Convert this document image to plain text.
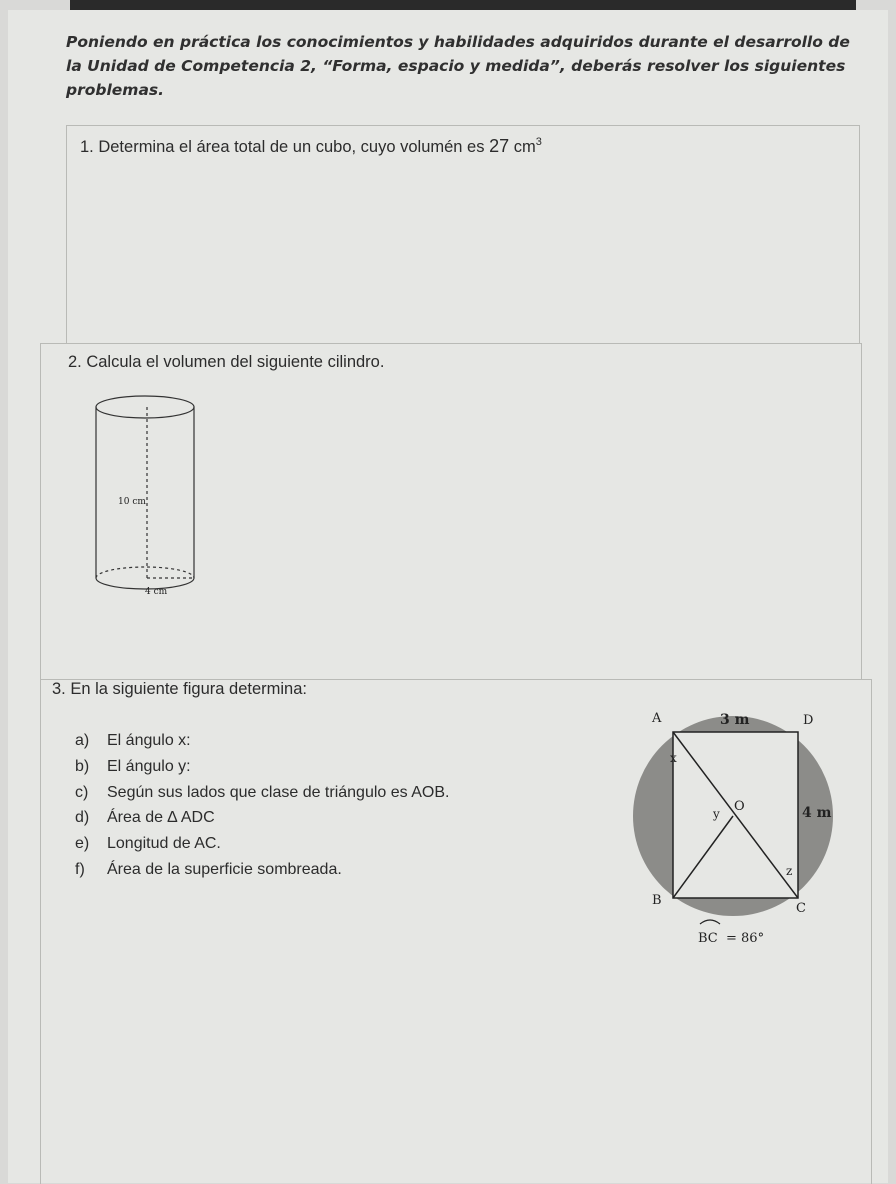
Poniendo en práctica los conocimientos y habilidades adquiridos durante el desarrollo de la Unidad de Competencia 2, “Forma, espacio y medida”, deberás resolver los siguientes problemas.
1. Determina el área total de un cubo, cuyo volumén es 27 $cm^3$
2. Calcula el volumen del siguiente cilindro.
10 cm
4 cm
3. En la siguiente figura determina:
a) El ángulo x:
b) El ángulo y:
c) Según sus lados que clase de triángulo es AOB.
d) Área de ∆ ADC
e) Longitud de AC.
f) Área de la superficie sombreada.
A	D
B
C
O
x
y
z
3 m
4 m
BC = 86°
